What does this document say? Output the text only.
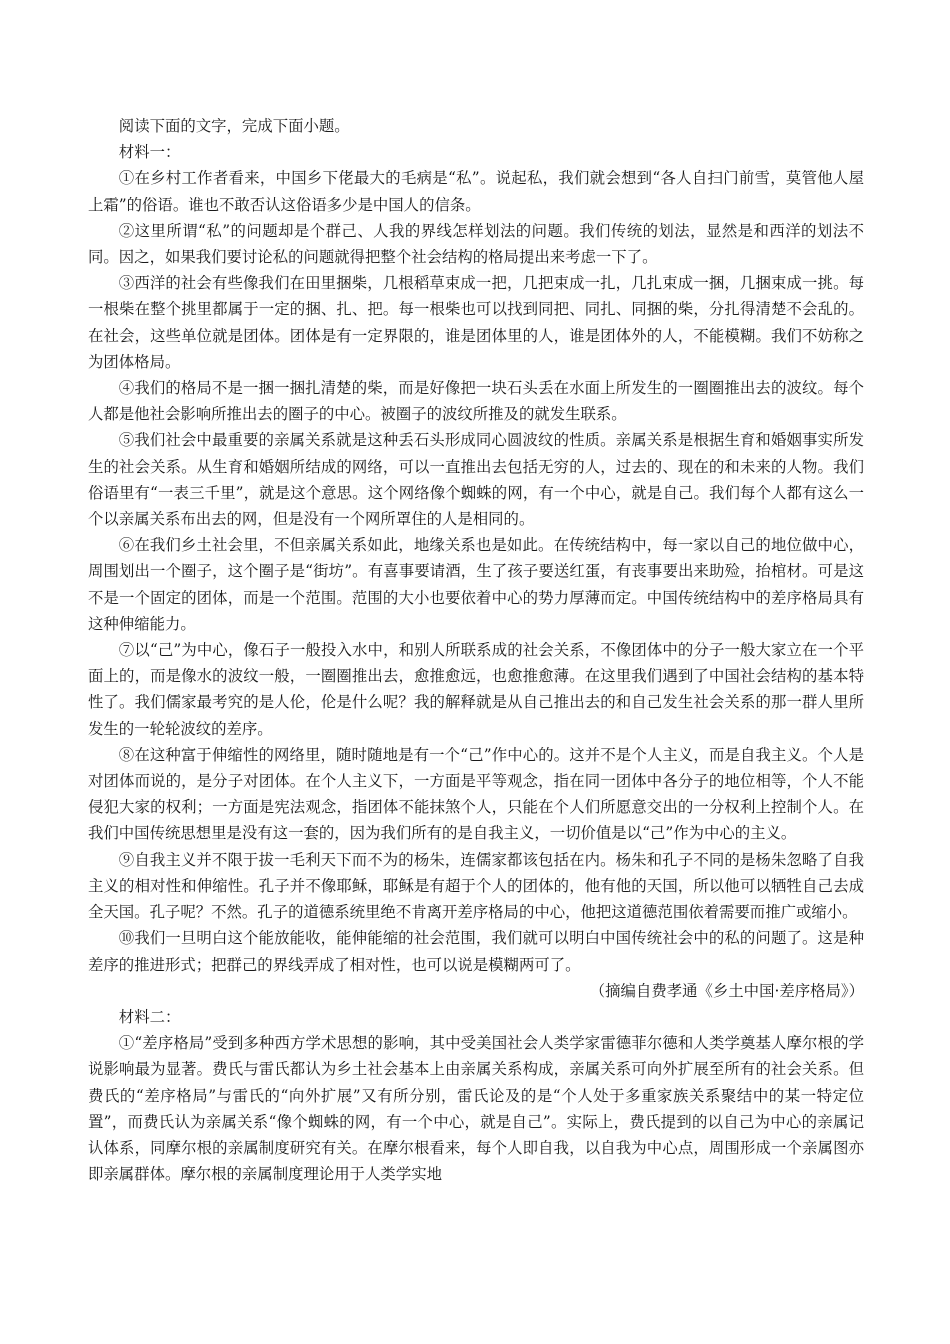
阅读下面的文字，完成下面小题。

材料一：

①在乡村工作者看来，中国乡下佬最大的毛病是“私”。说起私，我们就会想到“各人自扫门前雪，莫管他人屋上霜”的俗语。谁也不敢否认这俗语多少是中国人的信条。

②这里所谓“私”的问题却是个群己、人我的界线怎样划法的问题。我们传统的划法，显然是和西洋的划法不同。因之，如果我们要讨论私的问题就得把整个社会结构的格局提出来考虑一下了。

③西洋的社会有些像我们在田里捆柴，几根稻草束成一把，几把束成一扎，几扎束成一捆，几捆束成一挑。每一根柴在整个挑里都属于一定的捆、扎、把。每一根柴也可以找到同把、同扎、同捆的柴，分扎得清楚不会乱的。在社会，这些单位就是团体。团体是有一定界限的，谁是团体里的人，谁是团体外的人，不能模糊。我们不妨称之为团体格局。

④我们的格局不是一捆一捆扎清楚的柴，而是好像把一块石头丢在水面上所发生的一圈圈推出去的波纹。每个人都是他社会影响所推出去的圈子的中心。被圈子的波纹所推及的就发生联系。

⑤我们社会中最重要的亲属关系就是这种丢石头形成同心圆波纹的性质。亲属关系是根据生育和婚姻事实所发生的社会关系。从生育和婚姻所结成的网络，可以一直推出去包括无穷的人，过去的、现在的和未来的人物。我们俗语里有“一表三千里”，就是这个意思。这个网络像个蜘蛛的网，有一个中心，就是自己。我们每个人都有这么一个以亲属关系布出去的网，但是没有一个网所罩住的人是相同的。

⑥在我们乡土社会里，不但亲属关系如此，地缘关系也是如此。在传统结构中，每一家以自己的地位做中心，周围划出一个圈子，这个圈子是“街坊”。有喜事要请酒，生了孩子要送红蛋，有丧事要出来助殓，抬棺材。可是这不是一个固定的团体，而是一个范围。范围的大小也要依着中心的势力厚薄而定。中国传统结构中的差序格局具有这种伸缩能力。

⑦以“己”为中心，像石子一般投入水中，和别人所联系成的社会关系，不像团体中的分子一般大家立在一个平面上的，而是像水的波纹一般，一圈圈推出去，愈推愈远，也愈推愈薄。在这里我们遇到了中国社会结构的基本特性了。我们儒家最考究的是人伦，伦是什么呢？我的解释就是从自己推出去的和自己发生社会关系的那一群人里所发生的一轮轮波纹的差序。

⑧在这种富于伸缩性的网络里，随时随地是有一个“己”作中心的。这并不是个人主义，而是自我主义。个人是对团体而说的，是分子对团体。在个人主义下，一方面是平等观念，指在同一团体中各分子的地位相等，个人不能侵犯大家的权利；一方面是宪法观念，指团体不能抹煞个人，只能在个人们所愿意交出的一分权利上控制个人。在我们中国传统思想里是没有这一套的，因为我们所有的是自我主义，一切价值是以“己”作为中心的主义。

⑨自我主义并不限于拔一毛利天下而不为的杨朱，连儒家都该包括在内。杨朱和孔子不同的是杨朱忽略了自我主义的相对性和伸缩性。孔子并不像耶稣，耶稣是有超于个人的团体的，他有他的天国，所以他可以牺牲自己去成全天国。孔子呢？不然。孔子的道德系统里绝不肯离开差序格局的中心，他把这道德范围依着需要而推广或缩小。

⑩我们一旦明白这个能放能收，能伸能缩的社会范围，我们就可以明白中国传统社会中的私的问题了。这是种差序的推进形式；把群己的界线弄成了相对性，也可以说是模糊两可了。

（摘编自费孝通《乡土中国·差序格局》）

材料二：

①“差序格局”受到多种西方学术思想的影响，其中受美国社会人类学家雷德菲尔德和人类学奠基人摩尔根的学说影响最为显著。费氏与雷氏都认为乡土社会基本上由亲属关系构成，亲属关系可向外扩展至所有的社会关系。但费氏的“差序格局”与雷氏的“向外扩展”又有所分别，雷氏论及的是“个人处于多重家族关系聚结中的某一特定位置”，而费氏认为亲属关系“像个蜘蛛的网，有一个中心，就是自己”。实际上，费氏提到的以自己为中心的亲属记认体系，同摩尔根的亲属制度研究有关。在摩尔根看来，每个人即自我，以自我为中心点，周围形成一个亲属图亦即亲属群体。摩尔根的亲属制度理论用于人类学实地
